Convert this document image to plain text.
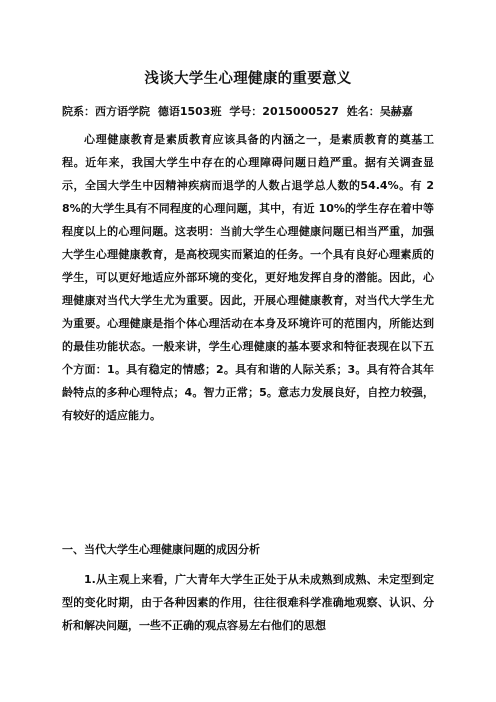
浅谈大学生心理健康的重要意义

院系：西方语学院 德语1503班 学号：2015000527 姓名：吴赫嘉

心理健康教育是素质教育应该具备的内涵之一，是素质教育的奠基工程。近年来，我国大学生中存在的心理障碍问题日趋严重。据有关调查显示，全国大学生中因精神疾病而退学的人数占退学总人数的54.4%。有 28%的大学生具有不同程度的心理问题，其中，有近 10%的学生存在着中等程度以上的心理问题。这表明：当前大学生心理健康问题已相当严重，加强大学生心理健康教育，是高校现实而紧迫的任务。一个具有良好心理素质的学生，可以更好地适应外部环境的变化，更好地发挥自身的潜能。因此，心理健康对当代大学生尤为重要。因此，开展心理健康教育，对当代大学生尤为重要。心理健康是指个体心理活动在本身及环境许可的范围内，所能达到的最佳功能状态。一般来讲，学生心理健康的基本要求和特征表现在以下五个方面：1。具有稳定的情感；2。具有和谐的人际关系；3。具有符合其年龄特点的多种心理特点；4。智力正常；5。意志力发展良好，自控力较强，有较好的适应能力。

一、当代大学生心理健康问题的成因分析

1.从主观上来看，广大青年大学生正处于从未成熟到成熟、未定型到定型的变化时期，由于各种因素的作用，往往很难科学准确地观察、认识、分析和解决问题，一些不正确的观点容易左右他们的思想
